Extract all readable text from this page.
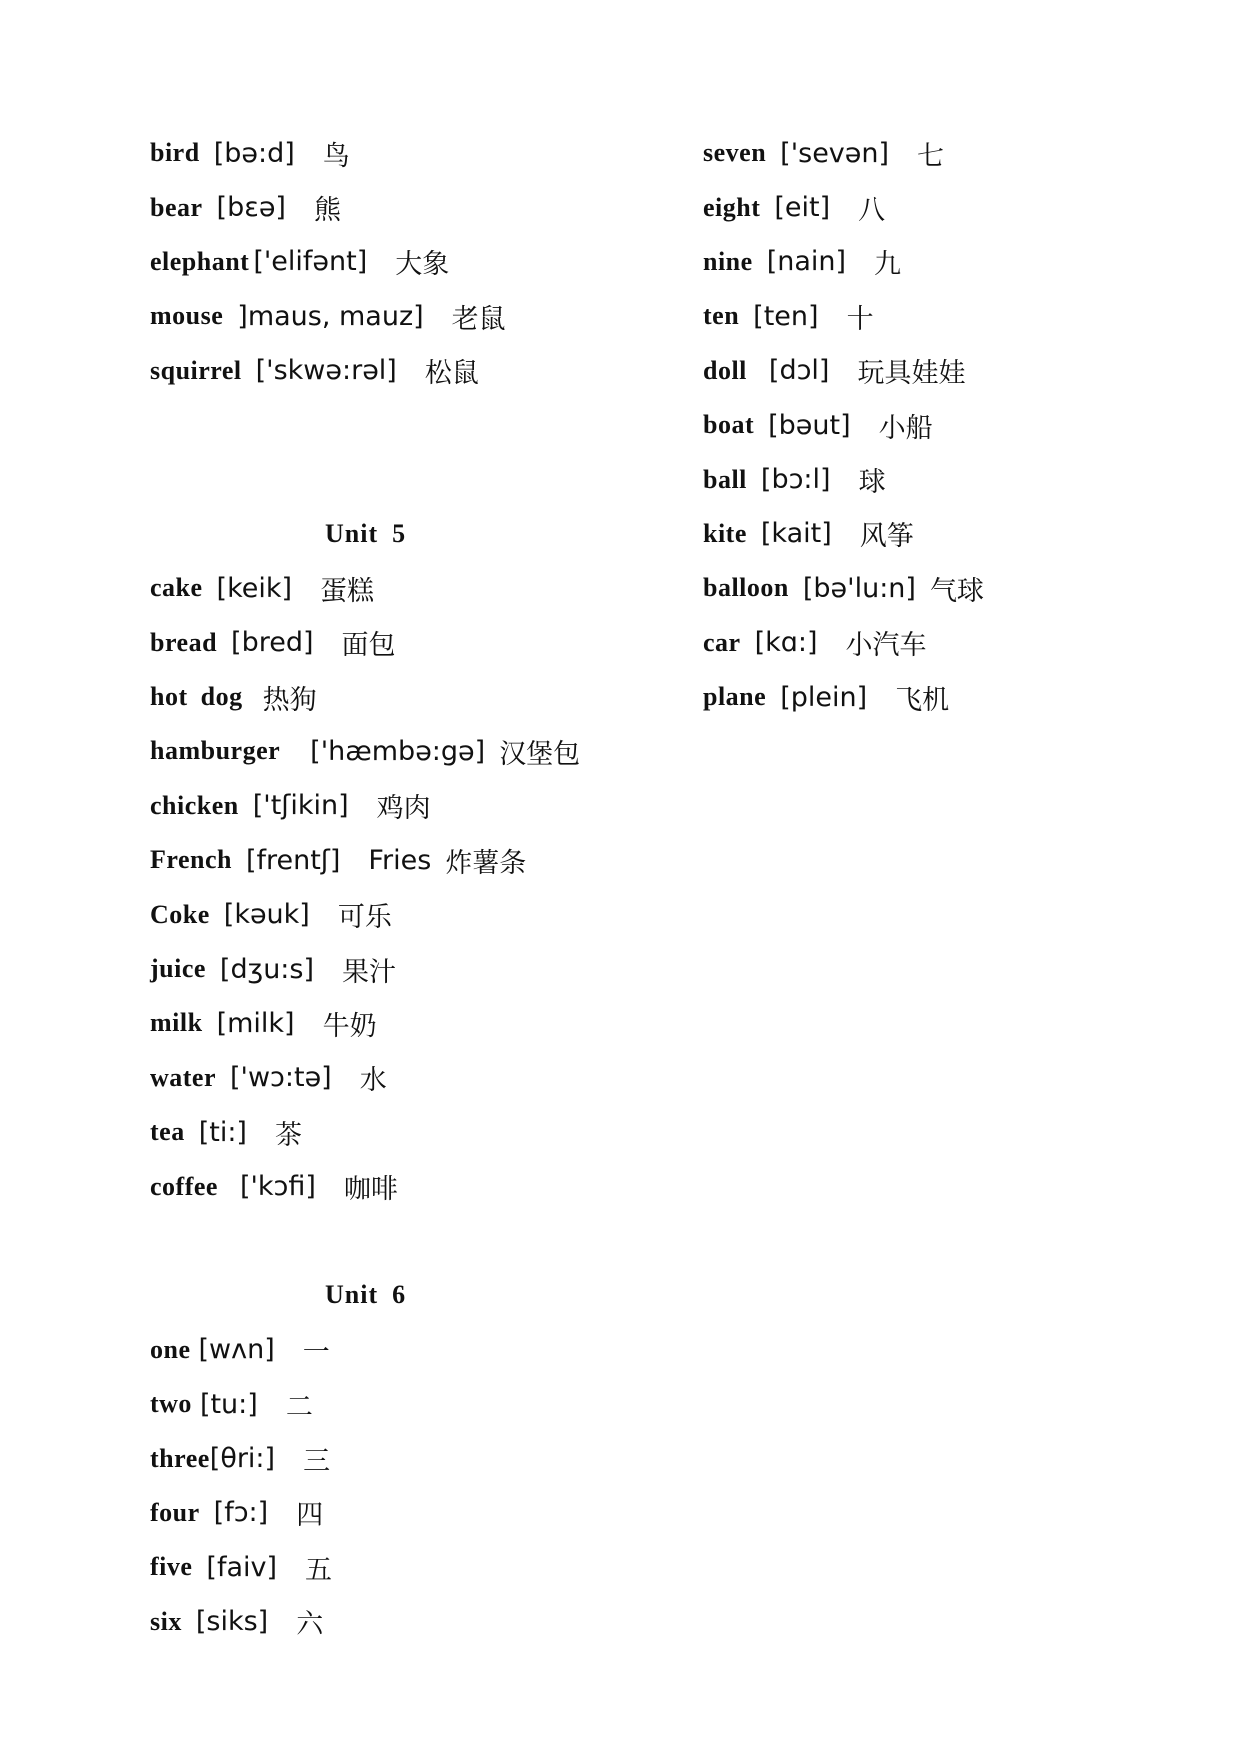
bird [bə:d] 鸟
bear [bɛə] 熊
elephant ['elifənt] 大象
mouse ]maus, mauz] 老鼠
squirrel ['skwə:rəl] 松鼠
Unit 5
cake [keik] 蛋糕
bread [bred] 面包
hot dog 热狗
hamburger ['hæmbə:gə] 汉堡包
chicken ['tʃikin] 鸡肉
French [frentʃ] Fries 炸薯条
Coke [kəuk] 可乐
juice [dʒu:s] 果汁
milk [milk] 牛奶
water ['wɔ:tə] 水
tea [ti:] 茶
coffee ['kɔfi] 咖啡
Unit 6
one [wʌn] 一
two [tu:] 二
three [θri:] 三
four [fɔ:] 四
five [faiv] 五
six [siks] 六
seven ['sevən] 七
eight [eit] 八
nine [nain] 九
ten [ten] 十
doll [dɔl] 玩具娃娃
boat [bəut] 小船
ball [bɔ:l] 球
kite [kait] 风筝
balloon [bə'lu:n] 气球
car [kɑ:] 小汽车
plane [plein] 飞机
